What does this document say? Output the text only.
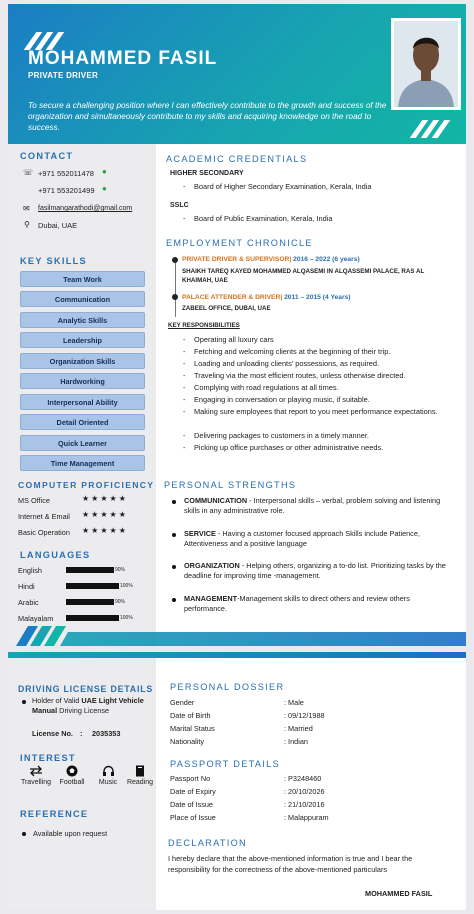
MOHAMMED FASIL
PRIVATE DRIVER
To secure a challenging position where I can effectively contribute to the growth and success of the organization and simultaneously contribute to my skills and acquiring knowledge on the road to success.
CONTACT
☏ +971 552011478 ●
+971 553201499 ●
✉ fasilmangarathodi@gmail.com
⚲ Dubai, UAE
KEY SKILLS
Team Work
Communication
Analytic Skills
Leadership
Organization Skills
Hardworking
Interpersonal Ability
Detail Oriented
Quick Learner
Time Management
COMPUTER PROFICIENCY
MS Office	★★★★★
Internet & Email ★★★★★
Basic Operation ★★★★★
LANGUAGES
English	90%
Hindi	100%
Arabic	90%
Malayalam	100%
ACADEMIC CREDENTIALS
HIGHER SECONDARY
- Board of Higher Secondary Examination, Kerala, India
SSLC
- Board of Public Examination, Kerala, India
EMPLOYMENT CHRONICLE
PRIVATE DRIVER & SUPERVISOR| 2016 – 2022 (6 years)
SHAIKH TAREQ KAYED MOHAMMED ALQASEMI IN ALQASSEMI PALACE, RAS AL KHAIMAH, UAE
PALACE ATTENDER & DRIVER| 2011 – 2015 (4 Years)
ZABEEL OFFICE, DUBAI, UAE
KEY RESPONSIBILITIES
- Operating all luxury cars
- Fetching and welcoming clients at the beginning of their trip.
- Loading and unloading clients' possessions, as required.
- Traveling via the most efficient routes, unless otherwise directed.
- Complying with road regulations at all times.
- Engaging in conversation or playing music, if suitable.
- Making sure employees that report to you meet performance expectations.
- Delivering packages to customers in a timely manner.
- Picking up office purchases or other administrative needs.
PERSONAL STRENGTHS
COMMUNICATION - Interpersonal skills – verbal, problem solving and listening skills in any administrative role.
SERVICE - Having a customer focused approach Skills include Patience, Attentiveness and a positive language
ORGANIZATION - Helping others, organizing a to-do list. Prioritizing tasks by the deadline for improving time -management.
MANAGEMENT-Management skills to direct others and review others performance.
DRIVING LICENSE DETAILS
Holder of Valid UAE Light Vehicle Manual Driving License
License No. : 2035353
INTEREST
Travelling	Football	Music	Reading
REFERENCE
Available upon request
PERSONAL DOSSIER
Gender	: Male
Date of Birth	: 09/12/1988
Marital Status	: Married
Nationality	: Indian
PASSPORT DETAILS
Passport No	: P3248460
Date of Expiry	: 20/10/2026
Date of Issue	: 21/10/2016
Place of Issue	: Malappuram
DECLARATION
I hereby declare that the above-mentioned information is true and I bear the responsibility for the correctness of the above-mentioned particulars
MOHAMMED FASIL
